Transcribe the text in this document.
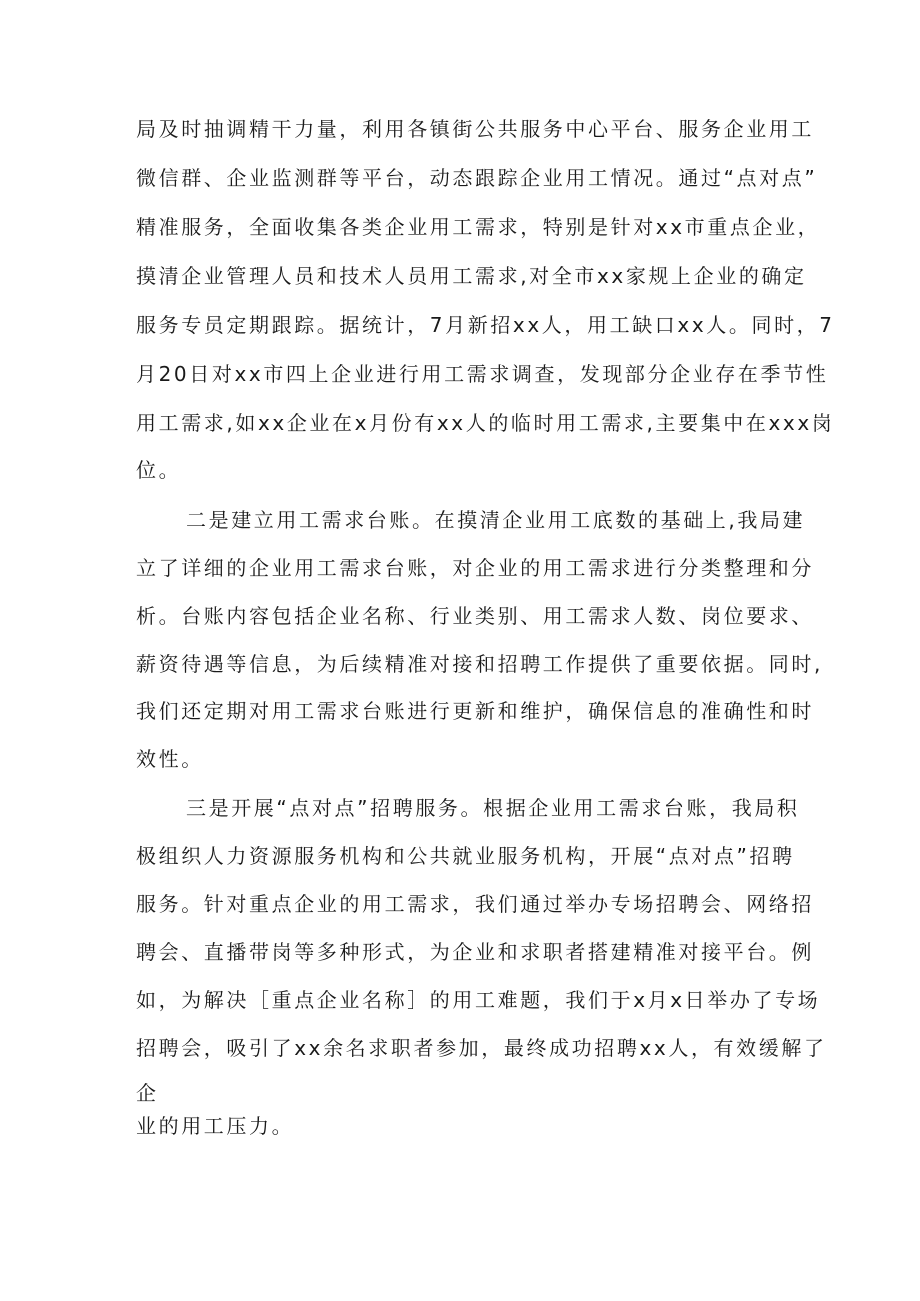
局及时抽调精干力量，利用各镇街公共服务中心平台、服务企业用工
微信群、企业监测群等平台，动态跟踪企业用工情况。通过“点对点”
精准服务，全面收集各类企业用工需求，特别是针对xx市重点企业，
摸清企业管理人员和技术人员用工需求,对全市xx家规上企业的确定
服务专员定期跟踪。据统计，7月新招xx人，用工缺口xx人。同时，7
月20日对xx市四上企业进行用工需求调查，发现部分企业存在季节性
用工需求,如xx企业在x月份有xx人的临时用工需求,主要集中在xxx岗
位。
二是建立用工需求台账。在摸清企业用工底数的基础上,我局建
立了详细的企业用工需求台账，对企业的用工需求进行分类整理和分
析。台账内容包括企业名称、行业类别、用工需求人数、岗位要求、
薪资待遇等信息，为后续精准对接和招聘工作提供了重要依据。同时,
我们还定期对用工需求台账进行更新和维护，确保信息的准确性和时
效性。
三是开展“点对点”招聘服务。根据企业用工需求台账，我局积
极组织人力资源服务机构和公共就业服务机构，开展“点对点”招聘
服务。针对重点企业的用工需求，我们通过举办专场招聘会、网络招
聘会、直播带岗等多种形式，为企业和求职者搭建精准对接平台。例
如，为解决［重点企业名称］的用工难题，我们于x月x日举办了专场
招聘会，吸引了xx余名求职者参加，最终成功招聘xx人，有效缓解了
企
业的用工压力。
